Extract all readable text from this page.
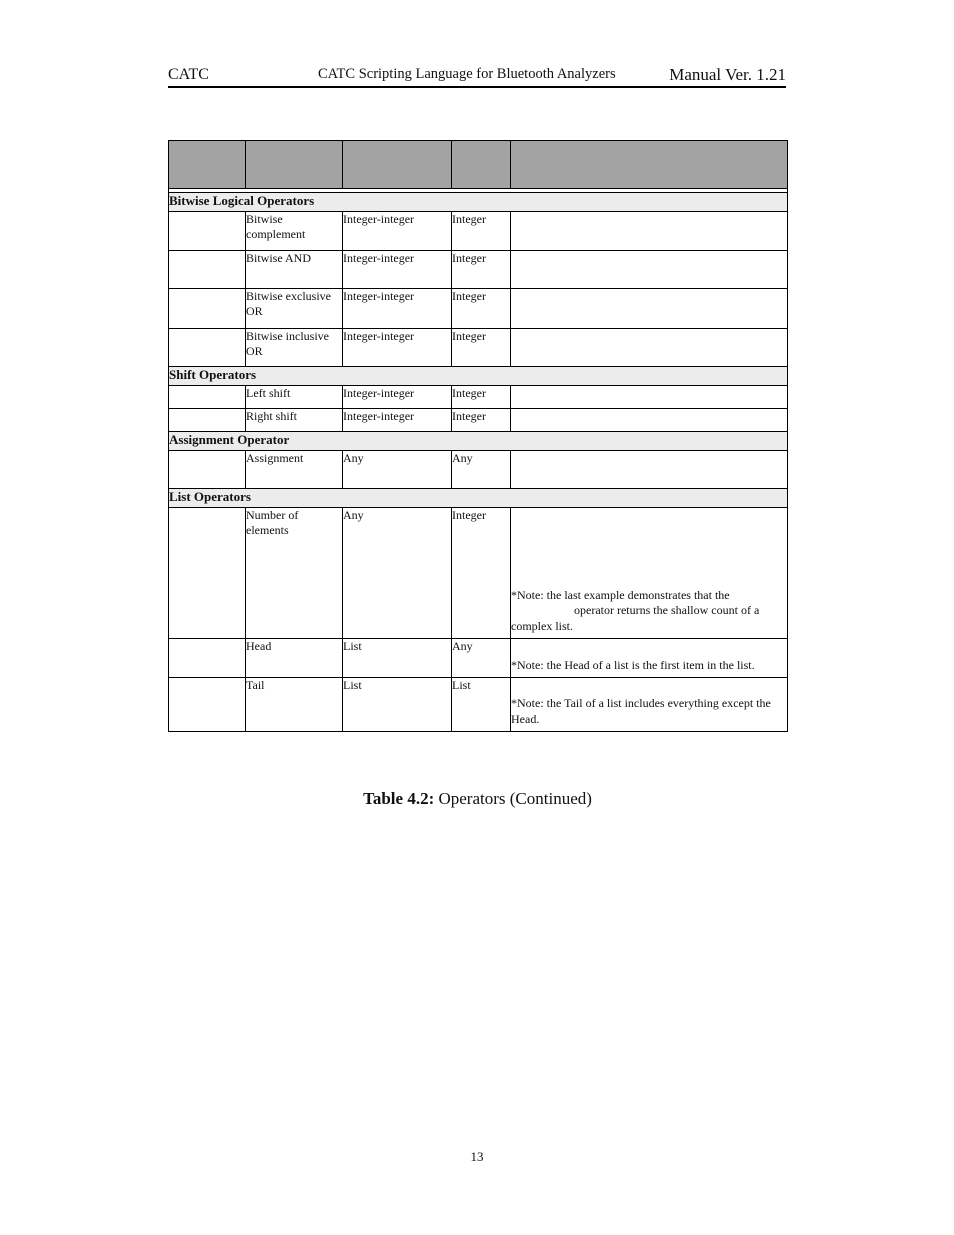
CATC	CATC Scripting Language for Bluetooth Analyzers	Manual Ver. 1.21

Bitwise Logical Operators				
	Bitwise complement	Integer-integer	Integer	
	Bitwise AND	Integer-integer	Integer	
	Bitwise exclusive OR	Integer-integer	Integer	
	Bitwise inclusive OR	Integer-integer	Integer	
Shift Operators				
	Left shift	Integer-integer	Integer	
	Right shift	Integer-integer	Integer	
Assignment Operator				
	Assignment	Any	Any	
List Operators				
	Number of elements	Any	Integer	*Note: the last example demonstrates that the
operator returns the shallow count of a
complex list.

	Head	List	Any	*Note: the Head of a list is the first item in the list.
	Tail	List	List	*Note: the Tail of a list includes everything except the Head.
Table 4.2: Operators (Continued)
13
